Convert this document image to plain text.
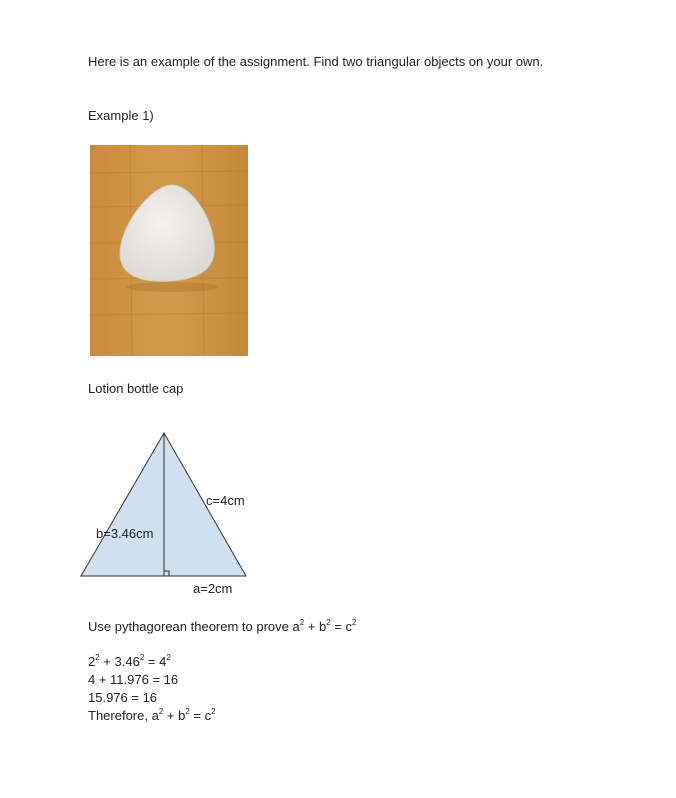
Here is an example of the assignment. Find two triangular objects on your own.
Example 1)
Lotion bottle cap
b=3.46cm
c=4cm
a=2cm
Use pythagorean theorem to prove $a^2 + b^2 = c^2$
$2^2 + 3.46^2 = 4^2$
4 + 11.976 = 16
15.976 = 16
Therefore, $a^2 + b^2 = c^2$
